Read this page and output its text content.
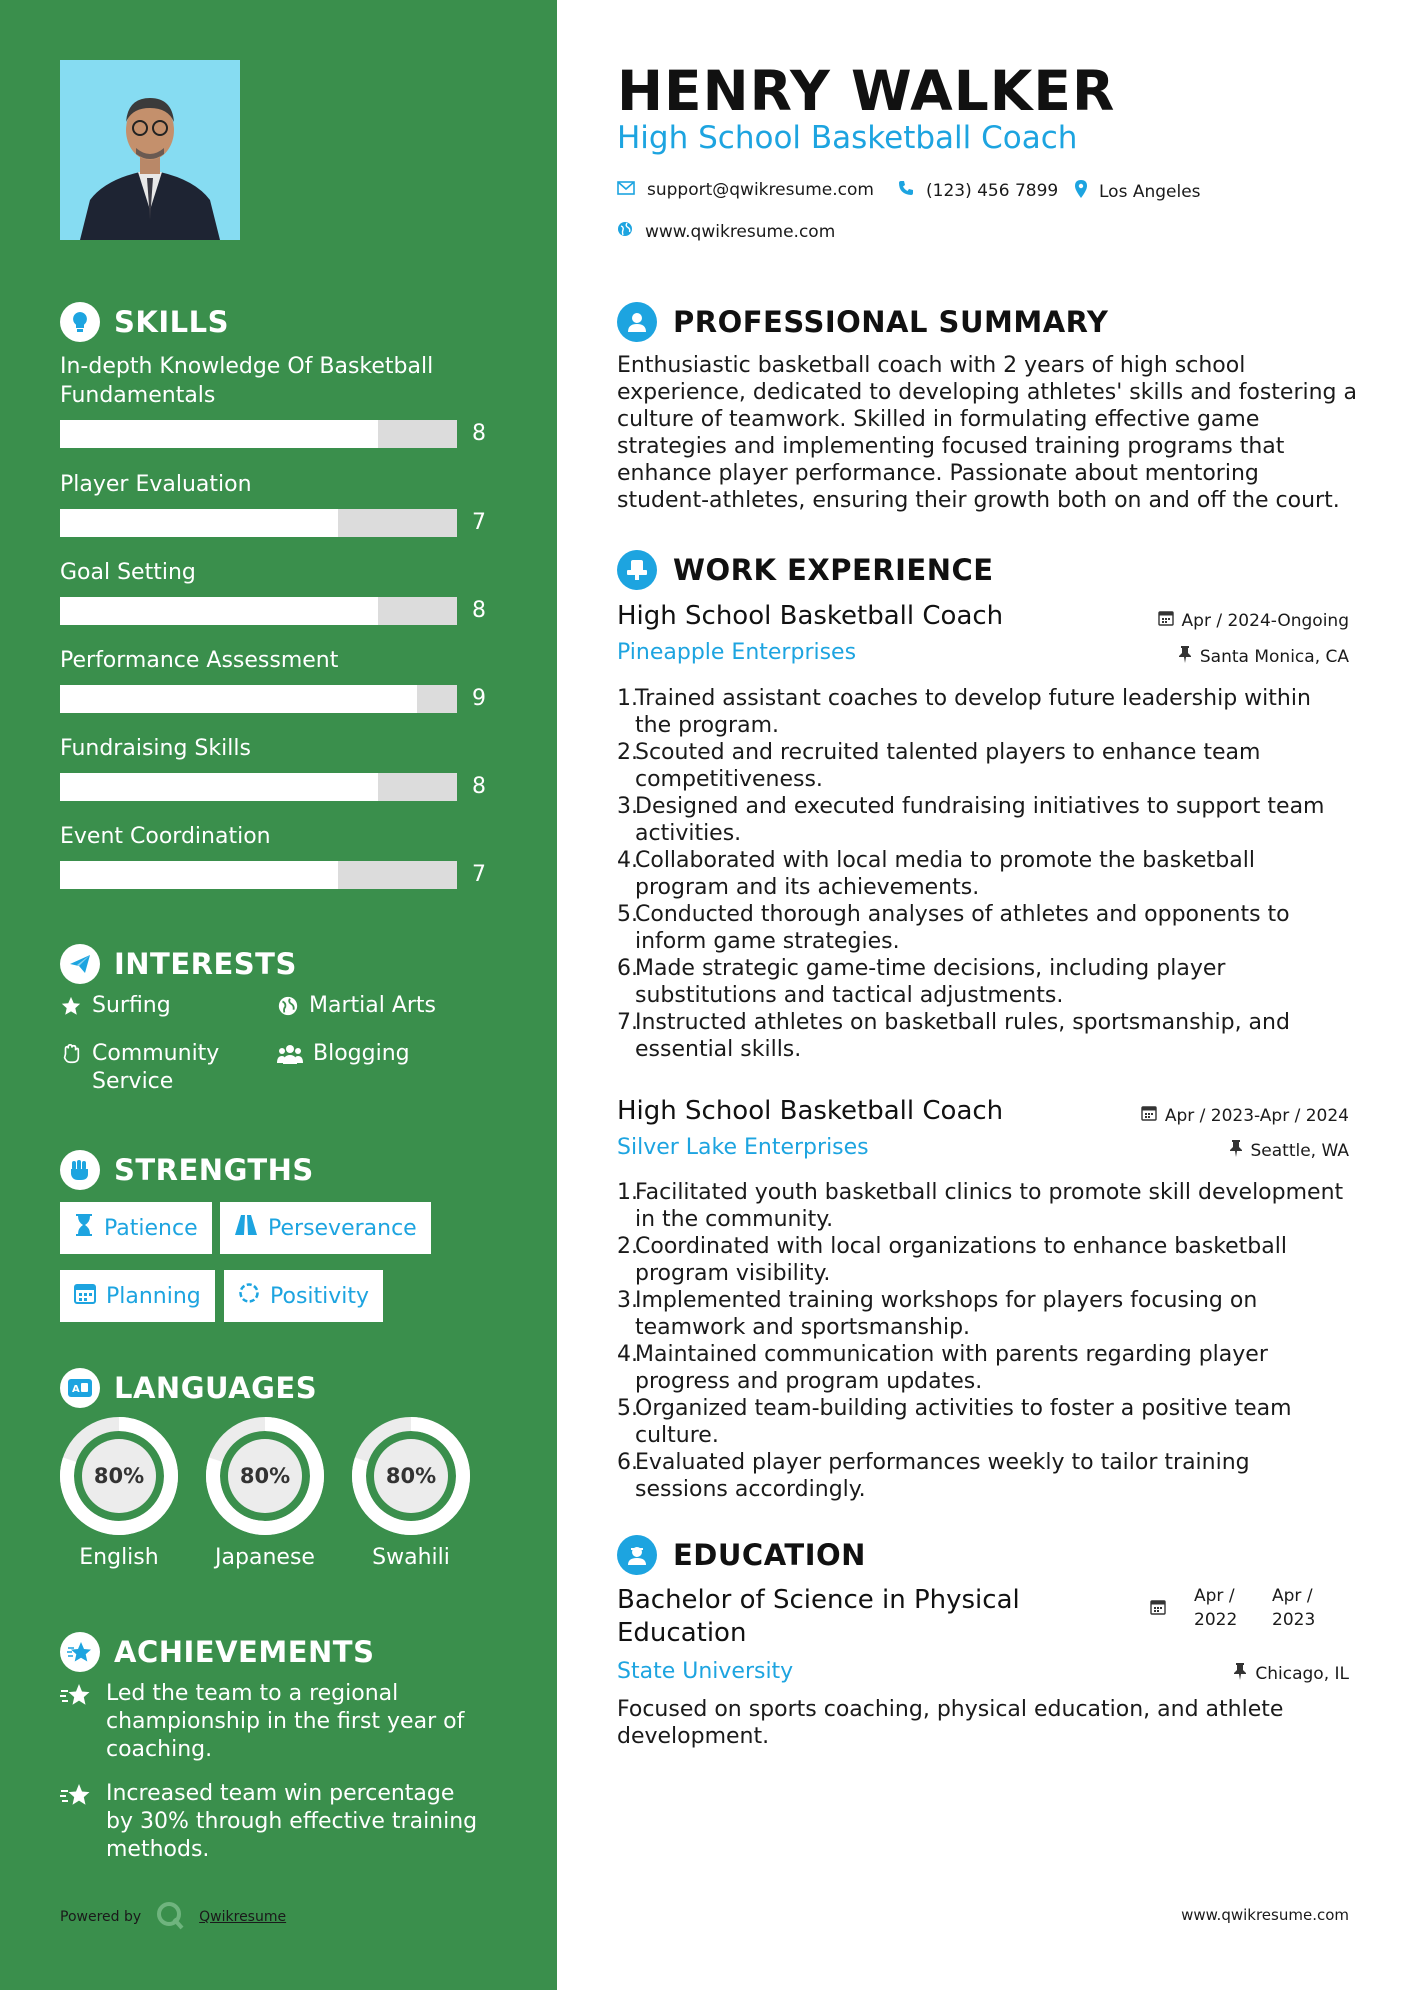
SKILLS
In-depth Knowledge Of Basketball Fundamentals
8
Player Evaluation
7
Goal Setting
8
Performance Assessment
9
Fundraising Skills
8
Event Coordination
7
INTERESTS
Surfing	Martial Arts
Community Service
Blogging
STRENGTHS
Patience	Perseverance
Planning	Positivity
A LANGUAGES
80%
English
80%
Japanese
80%
Swahili
ACHIEVEMENTS
Led the team to a regional championship in the first year of coaching.
Increased team win percentage by 30% through effective training methods.
Powered by	Qwikresume
HENRY WALKER
High School Basketball Coach
support@qwikresume.com	(123) 456 7899 Los Angeles
www.qwikresume.com
PROFESSIONAL SUMMARY

Enthusiastic basketball coach with 2 years of high school experience, dedicated to developing athletes' skills and fostering a culture of teamwork. Skilled in formulating effective game strategies and implementing focused training programs that enhance player performance. Passionate about mentoring student-athletes, ensuring their growth both on and off the court.

WORK EXPERIENCE
High School Basketball Coach	Apr / 2024-Ongoing
Pineapple Enterprises	Santa Monica, CA
1.
Trained assistant coaches to develop future leadership within the program.
2.
Scouted and recruited talented players to enhance team competitiveness.
3.
Designed and executed fundraising initiatives to support team activities.
4.
Collaborated with local media to promote the basketball program and its achievements.
5.
Conducted thorough analyses of athletes and opponents to inform game strategies.
6.
Made strategic game-time decisions, including player substitutions and tactical adjustments.
7.
Instructed athletes on basketball rules, sportsmanship, and essential skills.
High School Basketball Coach	Apr / 2023-Apr / 2024
Silver Lake Enterprises	Seattle, WA
1.
Facilitated youth basketball clinics to promote skill development in the community.
2.
Coordinated with local organizations to enhance basketball program visibility.
3.
Implemented training workshops for players focusing on teamwork and sportsmanship.
4.
Maintained communication with parents regarding player progress and program updates.
5.
Organized team-building activities to foster a positive team culture.
6.
Evaluated player performances weekly to tailor training sessions accordingly.
EDUCATION
Bachelor of Science in Physical Education
Apr / 2022
Apr / 2023
State University	Chicago, IL

Focused on sports coaching, physical education, and athlete development.

www.qwikresume.com
